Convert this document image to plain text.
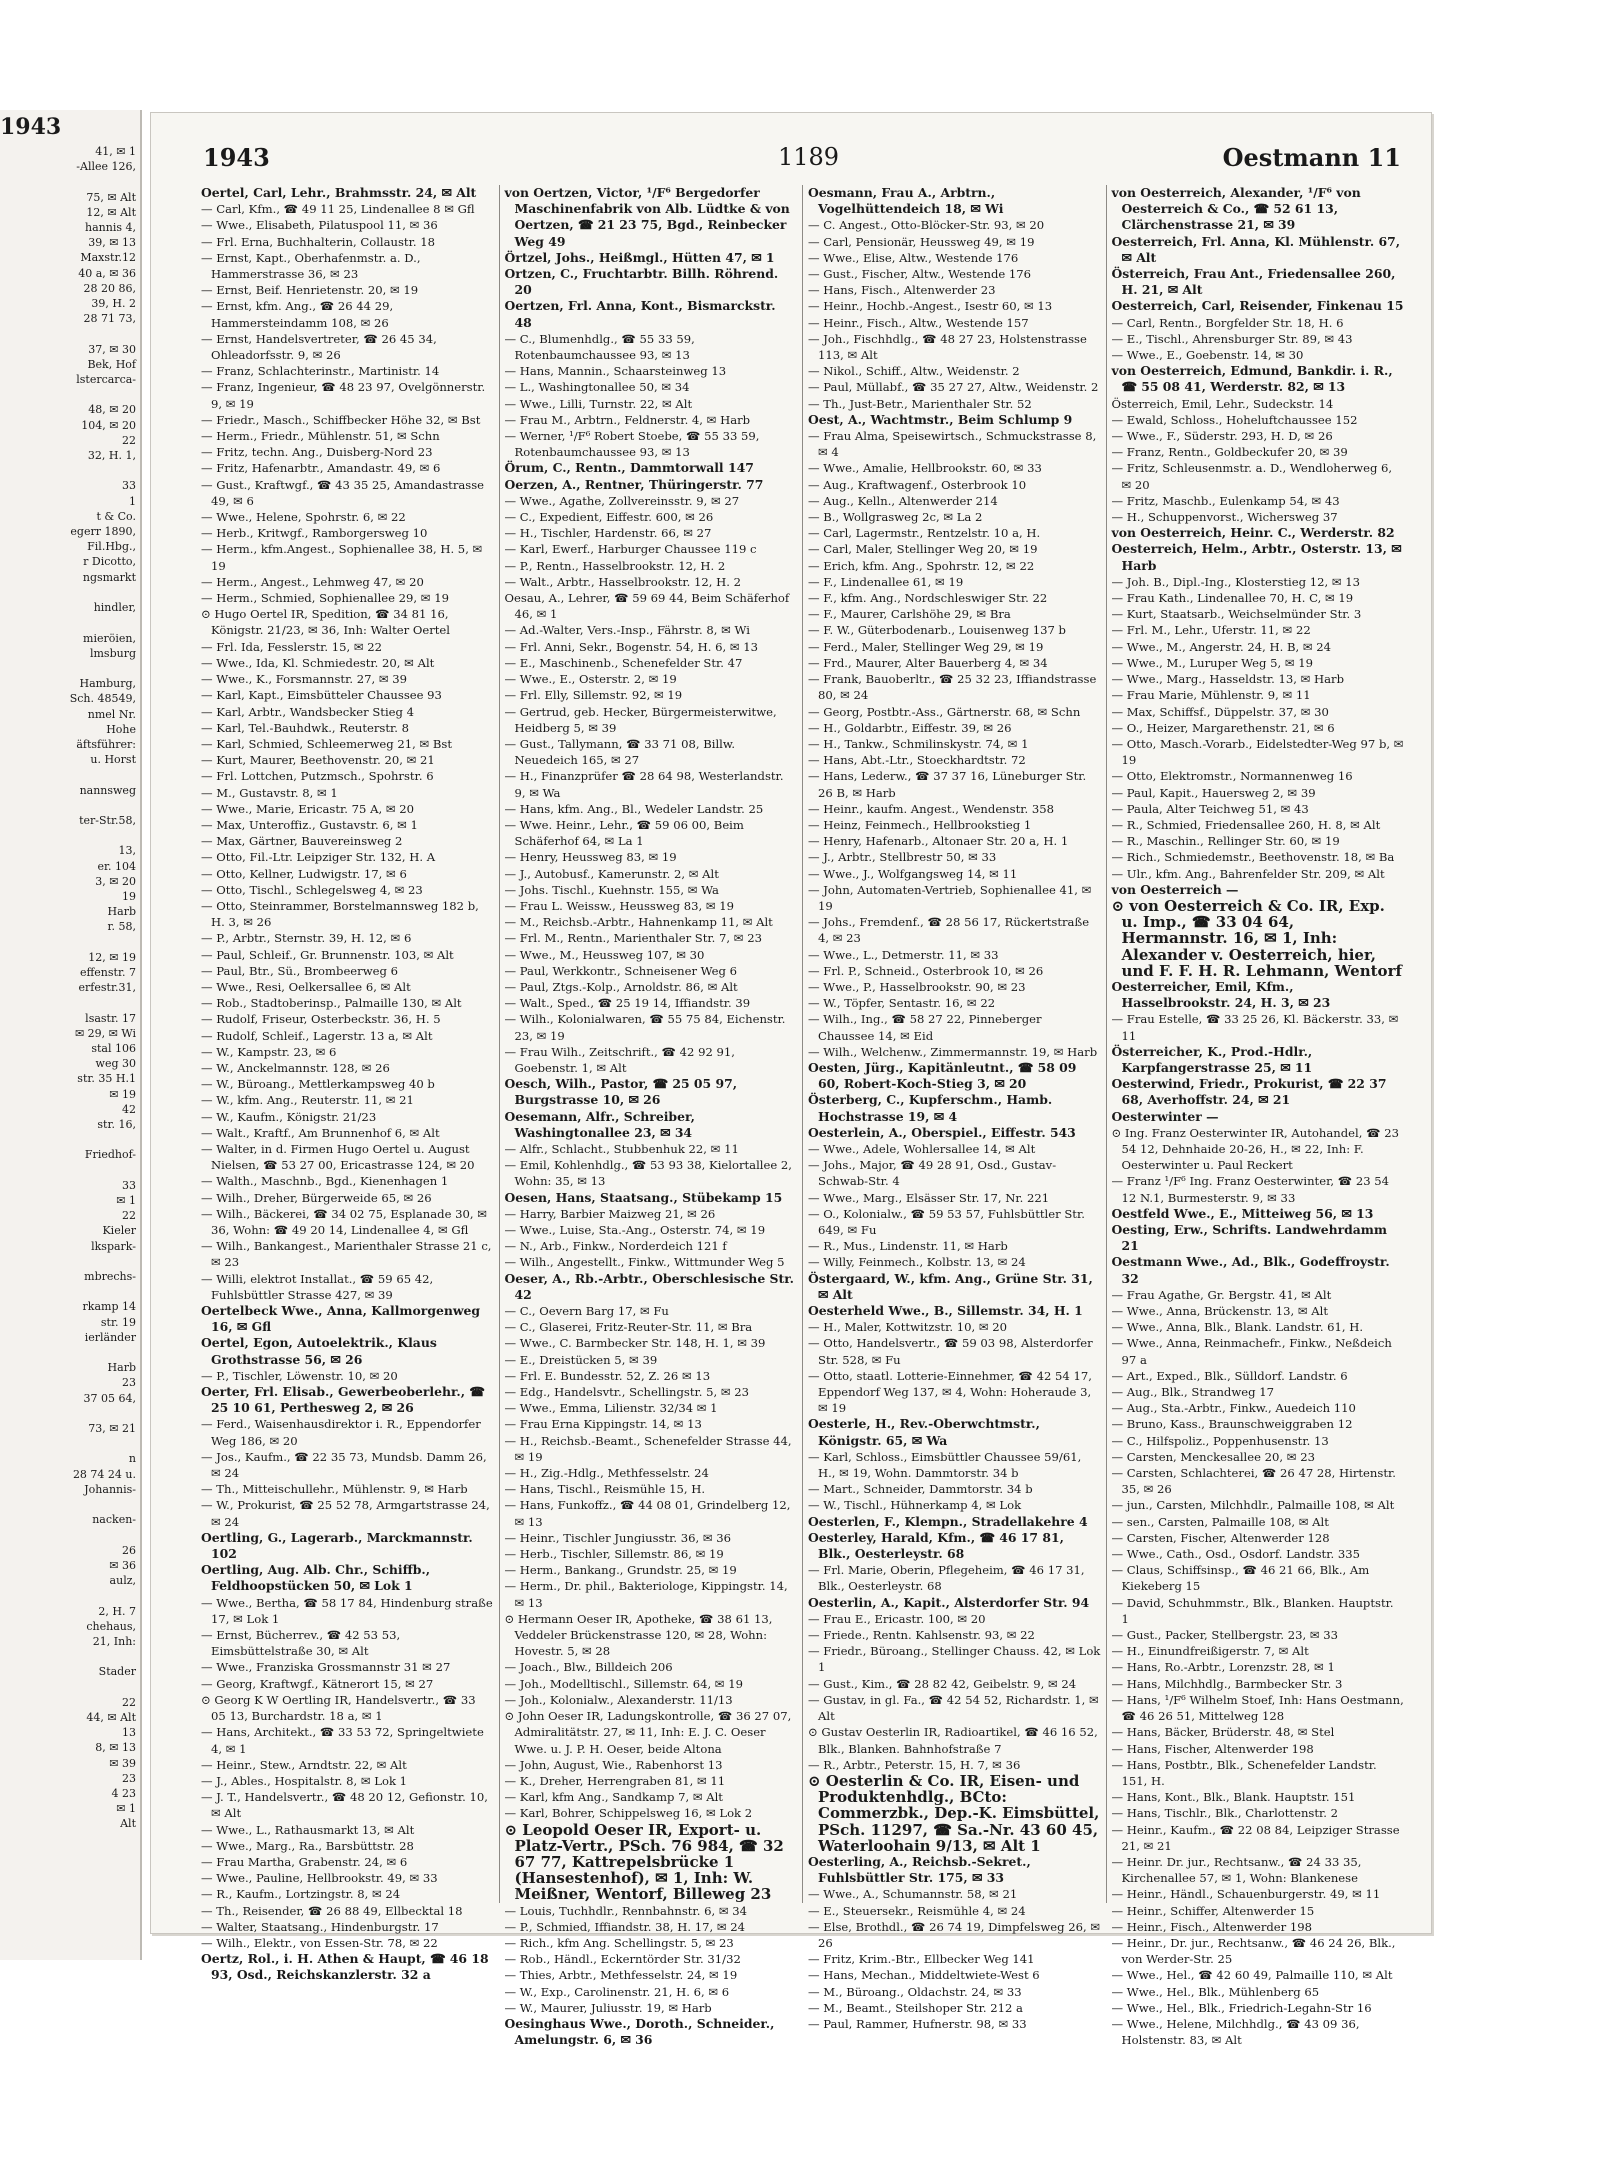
1943
41, ✉ 1
-Allee 126,

75, ✉ Alt
12, ✉ Alt
hannis 4,
39, ✉ 13
Maxstr.12
40 a, ✉ 36
28 20 86,
39, H. 2
28 71 73,

37, ✉ 30
Bek, Hof
lstercarca-

48, ✉ 20
104, ✉ 20
22
32, H. 1,

33
1
t & Co.
egerr 1890,
Fil.Hbg.,
r Dicotto,
ngsmarkt

hindler,

mieröien,
lmsburg

Hamburg,
Sch. 48549,
nmel Nr.
Hohe
äftsführer:
u. Horst

nannsweg

ter-Str.58,

13,
er. 104
3, ✉ 20
19
Harb
r. 58,

12, ✉ 19
effenstr. 7
erfestr.31,

lsastr. 17
✉ 29, ✉ Wi
stal 106
weg 30
str. 35 H.1
✉ 19
42
str. 16,

Friedhof-

33
✉ 1
22
Kieler
lkspark-

mbrechs-

rkamp 14
str. 19
ierländer

Harb
23
37 05 64,

73, ✉ 21

n
28 74 24 u.
Johannis-

nacken-

26
✉ 36
aulz,

2, H. 7
chehaus,
21, Inh:

Stader

22
44, ✉ Alt
13
8, ✉ 13
✉ 39
23
4 23
✉ 1
Alt
1943	1189	Oestmann 11
Oertel, Carl, Lehr., Brahmsstr. 24, ✉ Alt
— Carl, Kfm., ☎ 49 11 25, Lindenallee 8 ✉ Gfl
— Wwe., Elisabeth, Pilatuspool 11, ✉ 36
— Frl. Erna, Buchhalterin, Collaustr. 18
— Ernst, Kapt., Oberhafenmstr. a. D., Hammerstrasse 36, ✉ 23
— Ernst, Beif. Henrietenstr. 20, ✉ 19
— Ernst, kfm. Ang., ☎ 26 44 29, Hammersteindamm 108, ✉ 26
— Ernst, Handelsvertreter, ☎ 26 45 34, Ohleadorfsstr. 9, ✉ 26
— Franz, Schlachterinstr., Martinistr. 14
— Franz, Ingenieur, ☎ 48 23 97, Ovelgönnerstr. 9, ✉ 19
— Friedr., Masch., Schiffbecker Höhe 32, ✉ Bst
— Herm., Friedr., Mühlenstr. 51, ✉ Schn
— Fritz, techn. Ang., Duisberg-Nord 23
— Fritz, Hafenarbtr., Amandastr. 49, ✉ 6
— Gust., Kraftwgf., ☎ 43 35 25, Amandastrasse 49, ✉ 6
— Wwe., Helene, Spohrstr. 6, ✉ 22
— Herb., Kritwgf., Ramborgersweg 10
— Herm., kfm.Angest., Sophienallee 38, H. 5, ✉ 19
— Herm., Angest., Lehmweg 47, ✉ 20
— Herm., Schmied, Sophienallee 29, ✉ 19
⊙ Hugo Oertel IR, Spedition, ☎ 34 81 16, Königstr. 21/23, ✉ 36, Inh: Walter Oertel
— Frl. Ida, Fesslerstr. 15, ✉ 22
— Wwe., Ida, Kl. Schmiedestr. 20, ✉ Alt
— Wwe., K., Forsmannstr. 27, ✉ 39
— Karl, Kapt., Eimsbütteler Chaussee 93
— Karl, Arbtr., Wandsbecker Stieg 4
— Karl, Tel.-Bauhdwk., Reuterstr. 8
— Karl, Schmied, Schleemerweg 21, ✉ Bst
— Kurt, Maurer, Beethovenstr. 20, ✉ 21
— Frl. Lottchen, Putzmsch., Spohrstr. 6
— M., Gustavstr. 8, ✉ 1
— Wwe., Marie, Ericastr. 75 A, ✉ 20
— Max, Unteroffiz., Gustavstr. 6, ✉ 1
— Max, Gärtner, Bauvereinsweg 2
— Otto, Fil.-Ltr. Leipziger Str. 132, H. A
— Otto, Kellner, Ludwigstr. 17, ✉ 6
— Otto, Tischl., Schlegelsweg 4, ✉ 23
— Otto, Steinrammer, Borstelmannsweg 182 b, H. 3, ✉ 26
— P., Arbtr., Sternstr. 39, H. 12, ✉ 6
— Paul, Schleif., Gr. Brunnenstr. 103, ✉ Alt
— Paul, Btr., Sü., Brombeerweg 6
— Wwe., Resi, Oelkersallee 6, ✉ Alt
— Rob., Stadtoberinsp., Palmaille 130, ✉ Alt
— Rudolf, Friseur, Osterbeckstr. 36, H. 5
— Rudolf, Schleif., Lagerstr. 13 a, ✉ Alt
— W., Kampstr. 23, ✉ 6
— W., Anckelmannstr. 128, ✉ 26
— W., Büroang., Mettlerkampsweg 40 b
— W., kfm. Ang., Reuterstr. 11, ✉ 21
— W., Kaufm., Königstr. 21/23
— Walt., Kraftf., Am Brunnenhof 6, ✉ Alt
— Walter, in d. Firmen Hugo Oertel u. August Nielsen, ☎ 53 27 00, Ericastrasse 124, ✉ 20
— Walth., Maschnb., Bgd., Kienenhagen 1
— Wilh., Dreher, Bürgerweide 65, ✉ 26
— Wilh., Bäckerei, ☎ 34 02 75, Esplanade 30, ✉ 36, Wohn: ☎ 49 20 14, Lindenallee 4, ✉ Gfl
— Wilh., Bankangest., Marienthaler Strasse 21 c, ✉ 23
— Willi, elektrot Installat., ☎ 59 65 42, Fuhlsbüttler Strasse 427, ✉ 39
Oertelbeck Wwe., Anna, Kallmorgenweg 16, ✉ Gfl
Oertel, Egon, Autoelektrik., Klaus Grothstrasse 56, ✉ 26
— P., Tischler, Löwenstr. 10, ✉ 20
Oerter, Frl. Elisab., Gewerbeoberlehr., ☎ 25 10 61, Perthesweg 2, ✉ 26
— Ferd., Waisenhausdirektor i. R., Eppendorfer Weg 186, ✉ 20
— Jos., Kaufm., ☎ 22 35 73, Mundsb. Damm 26, ✉ 24
— Th., Mitteischullehr., Mühlenstr. 9, ✉ Harb
— W., Prokurist, ☎ 25 52 78, Armgartstrasse 24, ✉ 24
Oertling, G., Lagerarb., Marckmannstr. 102
Oertling, Aug. Alb. Chr., Schiffb., Feldhoopstücken 50, ✉ Lok 1
— Wwe., Bertha, ☎ 58 17 84, Hindenburg straße 17, ✉ Lok 1
— Ernst, Bücherrev., ☎ 42 53 53, Eimsbüttelstraße 30, ✉ Alt
— Wwe., Franziska Grossmannstr 31 ✉ 27
— Georg, Kraftwgf., Kätnerort 15, ✉ 27
⊙ Georg K W Oertling IR, Handelsvertr., ☎ 33 05 13, Burchardstr. 18 a, ✉ 1
— Hans, Architekt., ☎ 33 53 72, Springeltwiete 4, ✉ 1
— Heinr., Stew., Arndtstr. 22, ✉ Alt
— J., Ables., Hospitalstr. 8, ✉ Lok 1
— J. T., Handelsvertr., ☎ 48 20 12, Gefionstr. 10, ✉ Alt
— Wwe., L., Rathausmarkt 13, ✉ Alt
— Wwe., Marg., Ra., Barsbüttstr. 28
— Frau Martha, Grabenstr. 24, ✉ 6
— Wwe., Pauline, Hellbrookstr. 49, ✉ 33
— R., Kaufm., Lortzingstr. 8, ✉ 24
— Th., Reisender, ☎ 26 88 49, Ellbecktal 18
— Walter, Staatsang., Hindenburgstr. 17
— Wilh., Elektr., von Essen-Str. 78, ✉ 22
Oertz, Rol., i. H. Athen & Haupt, ☎ 46 18 93, Osd., Reichskanzlerstr. 32 a
von Oertzen, Victor, ¹/F⁶ Bergedorfer Maschinenfabrik von Alb. Lüdtke & von Oertzen, ☎ 21 23 75, Bgd., Reinbecker Weg 49
Örtzel, Johs., Heißmgl., Hütten 47, ✉ 1
Ortzen, C., Fruchtarbtr. Billh. Röhrend. 20
Oertzen, Frl. Anna, Kont., Bismarckstr. 48
— C., Blumenhdlg., ☎ 55 33 59, Rotenbaumchaussee 93, ✉ 13
— Hans, Mannin., Schaarsteinweg 13
— L., Washingtonallee 50, ✉ 34
— Wwe., Lilli, Turnstr. 22, ✉ Alt
— Frau M., Arbtrn., Feldnerstr. 4, ✉ Harb
— Werner, ¹/F⁶ Robert Stoebe, ☎ 55 33 59, Rotenbaumchaussee 93, ✉ 13
Örum, C., Rentn., Dammtorwall 147
Oerzen, A., Rentner, Thüringerstr. 77
— Wwe., Agathe, Zollvereinsstr. 9, ✉ 27
— C., Expedient, Eiffestr. 600, ✉ 26
— H., Tischler, Hardenstr. 66, ✉ 27
— Karl, Ewerf., Harburger Chaussee 119 c
— P., Rentn., Hasselbrookstr. 12, H. 2
— Walt., Arbtr., Hasselbrookstr. 12, H. 2
Oesau, A., Lehrer, ☎ 59 69 44, Beim Schäferhof 46, ✉ 1
— Ad.-Walter, Vers.-Insp., Fährstr. 8, ✉ Wi
— Frl. Anni, Sekr., Bogenstr. 54, H. 6, ✉ 13
— E., Maschinenb., Schenefelder Str. 47
— Wwe., E., Osterstr. 2, ✉ 19
— Frl. Elly, Sillemstr. 92, ✉ 19
— Gertrud, geb. Hecker, Bürgermeisterwitwe, Heidberg 5, ✉ 39
— Gust., Tallymann, ☎ 33 71 08, Billw. Neuedeich 165, ✉ 27
— H., Finanzprüfer ☎ 28 64 98, Westerlandstr. 9, ✉ Wa
— Hans, kfm. Ang., Bl., Wedeler Landstr. 25
— Wwe. Heinr., Lehr., ☎ 59 06 00, Beim Schäferhof 64, ✉ La 1
— Henry, Heussweg 83, ✉ 19
— J., Autobusf., Kamerunstr. 2, ✉ Alt
— Johs. Tischl., Kuehnstr. 155, ✉ Wa
— Frau L. Weissw., Heussweg 83, ✉ 19
— M., Reichsb.-Arbtr., Hahnenkamp 11, ✉ Alt
— Frl. M., Rentn., Marienthaler Str. 7, ✉ 23
— Wwe., M., Heussweg 107, ✉ 30
— Paul, Werkkontr., Schneisener Weg 6
— Paul, Ztgs.-Kolp., Arnoldstr. 86, ✉ Alt
— Walt., Sped., ☎ 25 19 14, Iffiandstr. 39
— Wilh., Kolonialwaren, ☎ 55 75 84, Eichenstr. 23, ✉ 19
— Frau Wilh., Zeitschrift., ☎ 42 92 91, Goebenstr. 1, ✉ Alt
Oesch, Wilh., Pastor, ☎ 25 05 97, Burgstrasse 10, ✉ 26
Oesemann, Alfr., Schreiber, Washingtonallee 23, ✉ 34
— Alfr., Schlacht., Stubbenhuk 22, ✉ 11
— Emil, Kohlenhdlg., ☎ 53 93 38, Kielortallee 2, Wohn: 35, ✉ 13
Oesen, Hans, Staatsang., Stübekamp 15
— Harry, Barbier Maizweg 21, ✉ 26
— Wwe., Luise, Sta.-Ang., Osterstr. 74, ✉ 19
— N., Arb., Finkw., Norderdeich 121 f
— Wilh., Angestellt., Finkw., Wittmunder Weg 5
Oeser, A., Rb.-Arbtr., Oberschlesische Str. 42
— C., Oevern Barg 17, ✉ Fu
— C., Glaserei, Fritz-Reuter-Str. 11, ✉ Bra
— Wwe., C. Barmbecker Str. 148, H. 1, ✉ 39
— E., Dreistücken 5, ✉ 39
— Frl. E. Bundesstr. 52, Z. 26 ✉ 13
— Edg., Handelsvtr., Schellingstr. 5, ✉ 23
— Wwe., Emma, Lilienstr. 32/34 ✉ 1
— Frau Erna Kippingstr. 14, ✉ 13
— H., Reichsb.-Beamt., Schenefelder Strasse 44, ✉ 19
— H., Zig.-Hdlg., Methfesselstr. 24
— Hans, Tischl., Reismühle 15, H.
— Hans, Funkoffz., ☎ 44 08 01, Grindelberg 12, ✉ 13
— Heinr., Tischler Jungiusstr. 36, ✉ 36
— Herb., Tischler, Sillemstr. 86, ✉ 19
— Herm., Bankang., Grundstr. 25, ✉ 19
— Herm., Dr. phil., Bakteriologe, Kippingstr. 14, ✉ 13
⊙ Hermann Oeser IR, Apotheke, ☎ 38 61 13, Veddeler Brückenstrasse 120, ✉ 28, Wohn: Hovestr. 5, ✉ 28
— Joach., Blw., Billdeich 206
— Joh., Modelltischl., Sillemstr. 64, ✉ 19
— Joh., Kolonialw., Alexanderstr. 11/13
⊙ John Oeser IR, Ladungskontrolle, ☎ 36 27 07, Admiralitätstr. 27, ✉ 11, Inh: E. J. C. Oeser Wwe. u. J. P. H. Oeser, beide Altona
— John, August, Wie., Rabenhorst 13
— K., Dreher, Herrengraben 81, ✉ 11
— Karl, kfm Ang., Sandkamp 7, ✉ Alt
— Karl, Bohrer, Schippelsweg 16, ✉ Lok 2
⊙ Leopold Oeser IR, Export- u. Platz-Vertr., PSch. 76 984, ☎ 32 67 77, Kattrepelsbrücke 1 (Hansestenhof), ✉ 1, Inh: W. Meißner, Wentorf, Billeweg 23
— Louis, Tuchhdlr., Rennbahnstr. 6, ✉ 34
— P., Schmied, Iffiandstr. 38, H. 17, ✉ 24
— Rich., kfm Ang. Schellingstr. 5, ✉ 23
— Rob., Händl., Eckerntörder Str. 31/32
— Thies, Arbtr., Methfesselstr. 24, ✉ 19
— W., Exp., Carolinenstr. 21, H. 6, ✉ 6
— W., Maurer, Juliusstr. 19, ✉ Harb
Oesinghaus Wwe., Doroth., Schneider., Amelungstr. 6, ✉ 36
Oesmann, Frau A., Arbtrn., Vogelhüttendeich 18, ✉ Wi
— C. Angest., Otto-Blöcker-Str. 93, ✉ 20
— Carl, Pensionär, Heussweg 49, ✉ 19
— Wwe., Elise, Altw., Westende 176
— Gust., Fischer, Altw., Westende 176
— Hans, Fisch., Altenwerder 23
— Heinr., Hochb.-Angest., Isestr 60, ✉ 13
— Heinr., Fisch., Altw., Westende 157
— Joh., Fischhdlg., ☎ 48 27 23, Holstenstrasse 113, ✉ Alt
— Nikol., Schiff., Altw., Weidenstr. 2
— Paul, Müllabf., ☎ 35 27 27, Altw., Weidenstr. 2
— Th., Just-Betr., Marienthaler Str. 52
Oest, A., Wachtmstr., Beim Schlump 9
— Frau Alma, Speisewirtsch., Schmuckstrasse 8, ✉ 4
— Wwe., Amalie, Hellbrookstr. 60, ✉ 33
— Aug., Kraftwagenf., Osterbrook 10
— Aug., Kelln., Altenwerder 214
— B., Wollgrasweg 2c, ✉ La 2
— Carl, Lagermstr., Rentzelstr. 10 a, H.
— Carl, Maler, Stellinger Weg 20, ✉ 19
— Erich, kfm. Ang., Spohrstr. 12, ✉ 22
— F., Lindenallee 61, ✉ 19
— F., kfm. Ang., Nordschleswiger Str. 22
— F., Maurer, Carlshöhe 29, ✉ Bra
— F. W., Güterbodenarb., Louisenweg 137 b
— Ferd., Maler, Stellinger Weg 29, ✉ 19
— Frd., Maurer, Alter Bauerberg 4, ✉ 34
— Frank, Bauoberltr., ☎ 25 32 23, Iffiandstrasse 80, ✉ 24
— Georg, Postbtr.-Ass., Gärtnerstr. 68, ✉ Schn
— H., Goldarbtr., Eiffestr. 39, ✉ 26
— H., Tankw., Schmilinskystr. 74, ✉ 1
— Hans, Abt.-Ltr., Stoeckhardtstr. 72
— Hans, Lederw., ☎ 37 37 16, Lüneburger Str. 26 B, ✉ Harb
— Heinr., kaufm. Angest., Wendenstr. 358
— Heinz, Feinmech., Hellbrookstieg 1
— Henry, Hafenarb., Altonaer Str. 20 a, H. 1
— J., Arbtr., Stellbrestr 50, ✉ 33
— Wwe., J., Wolfgangsweg 14, ✉ 11
— John, Automaten-Vertrieb, Sophienallee 41, ✉ 19
— Johs., Fremdenf., ☎ 28 56 17, Rückertstraße 4, ✉ 23
— Wwe., L., Detmerstr. 11, ✉ 33
— Frl. P., Schneid., Osterbrook 10, ✉ 26
— Wwe., P., Hasselbrookstr. 90, ✉ 23
— W., Töpfer, Sentastr. 16, ✉ 22
— Wilh., Ing., ☎ 58 27 22, Pinneberger Chaussee 14, ✉ Eid
— Wilh., Welchenw., Zimmermannstr. 19, ✉ Harb
Oesten, Jürg., Kapitänleutnt., ☎ 58 09 60, Robert-Koch-Stieg 3, ✉ 20
Österberg, C., Kupferschm., Hamb. Hochstrasse 19, ✉ 4
Oesterlein, A., Oberspiel., Eiffestr. 543
— Wwe., Adele, Wohlersallee 14, ✉ Alt
— Johs., Major, ☎ 49 28 91, Osd., Gustav-Schwab-Str. 4
— Wwe., Marg., Elsässer Str. 17, Nr. 221
— O., Kolonialw., ☎ 59 53 57, Fuhlsbüttler Str. 649, ✉ Fu
— R., Mus., Lindenstr. 11, ✉ Harb
— Willy, Feinmech., Kolbstr. 13, ✉ 24
Östergaard, W., kfm. Ang., Grüne Str. 31, ✉ Alt
Oesterheld Wwe., B., Sillemstr. 34, H. 1
— H., Maler, Kottwitzstr. 10, ✉ 20
— Otto, Handelsvertr., ☎ 59 03 98, Alsterdorfer Str. 528, ✉ Fu
— Otto, staatl. Lotterie-Einnehmer, ☎ 42 54 17, Eppendorf Weg 137, ✉ 4, Wohn: Hoheraude 3, ✉ 19
Oesterle, H., Rev.-Oberwchtmstr., Königstr. 65, ✉ Wa
— Karl, Schloss., Eimsbüttler Chaussee 59/61, H., ✉ 19, Wohn. Dammtorstr. 34 b
— Mart., Schneider, Dammtorstr. 34 b
— W., Tischl., Hühnerkamp 4, ✉ Lok
Oesterlen, F., Klempn., Stradellakehre 4
Oesterley, Harald, Kfm., ☎ 46 17 81, Blk., Oesterleystr. 68
— Frl. Marie, Oberin, Pflegeheim, ☎ 46 17 31, Blk., Oesterleystr. 68
Oesterlin, A., Kapit., Alsterdorfer Str. 94
— Frau E., Ericastr. 100, ✉ 20
— Friede., Rentn. Kahlsenstr. 93, ✉ 22
— Friedr., Büroang., Stellinger Chauss. 42, ✉ Lok 1
— Gust., Kim., ☎ 28 82 42, Geibelstr. 9, ✉ 24
— Gustav, in gl. Fa., ☎ 42 54 52, Richardstr. 1, ✉ Alt
⊙ Gustav Oesterlin IR, Radioartikel, ☎ 46 16 52, Blk., Blanken. Bahnhofstraße 7
— R., Arbtr., Peterstr. 15, H. 7, ✉ 36
⊙ Oesterlin & Co. IR, Eisen- und Produktenhdlg., BCto: Commerzbk., Dep.-K. Eimsbüttel, PSch. 11297, ☎ Sa.-Nr. 43 60 45, Waterloohain 9/13, ✉ Alt 1
Oesterling, A., Reichsb.-Sekret., Fuhlsbüttler Str. 175, ✉ 33
— Wwe., A., Schumannstr. 58, ✉ 21
— E., Steuersekr., Reismühle 4, ✉ 24
— Else, Brothdl., ☎ 26 74 19, Dimpfelsweg 26, ✉ 26
— Fritz, Krim.-Btr., Ellbecker Weg 141
— Hans, Mechan., Middeltwiete-West 6
— M., Büroang., Oldachstr. 24, ✉ 33
— M., Beamt., Steilshoper Str. 212 a
— Paul, Rammer, Hufnerstr. 98, ✉ 33
von Oesterreich, Alexander, ¹/F⁶ von Oesterreich & Co., ☎ 52 61 13, Clärchenstrasse 21, ✉ 39
Oesterreich, Frl. Anna, Kl. Mühlenstr. 67, ✉ Alt
Österreich, Frau Ant., Friedensallee 260, H. 21, ✉ Alt
Oesterreich, Carl, Reisender, Finkenau 15
— Carl, Rentn., Borgfelder Str. 18, H. 6
— E., Tischl., Ahrensburger Str. 89, ✉ 43
— Wwe., E., Goebenstr. 14, ✉ 30
von Oesterreich, Edmund, Bankdir. i. R., ☎ 55 08 41, Werderstr. 82, ✉ 13
Österreich, Emil, Lehr., Sudeckstr. 14
— Ewald, Schloss., Hoheluftchaussee 152
— Wwe., F., Süderstr. 293, H. D, ✉ 26
— Franz, Rentn., Goldbeckufer 20, ✉ 39
— Fritz, Schleusenmstr. a. D., Wendloherweg 6, ✉ 20
— Fritz, Maschb., Eulenkamp 54, ✉ 43
— H., Schuppenvorst., Wichersweg 37
von Oesterreich, Heinr. C., Werderstr. 82
Oesterreich, Helm., Arbtr., Osterstr. 13, ✉ Harb
— Joh. B., Dipl.-Ing., Klosterstieg 12, ✉ 13
— Frau Kath., Lindenallee 70, H. C, ✉ 19
— Kurt, Staatsarb., Weichselmünder Str. 3
— Frl. M., Lehr., Uferstr. 11, ✉ 22
— Wwe., M., Angerstr. 24, H. B, ✉ 24
— Wwe., M., Luruper Weg 5, ✉ 19
— Wwe., Marg., Hasseldstr. 13, ✉ Harb
— Frau Marie, Mühlenstr. 9, ✉ 11
— Max, Schiffsf., Düppelstr. 37, ✉ 30
— O., Heizer, Margarethenstr. 21, ✉ 6
— Otto, Masch.-Vorarb., Eidelstedter-Weg 97 b, ✉ 19
— Otto, Elektromstr., Normannenweg 16
— Paul, Kapit., Hauersweg 2, ✉ 39
— Paula, Alter Teichweg 51, ✉ 43
— R., Schmied, Friedensallee 260, H. 8, ✉ Alt
— R., Maschin., Rellinger Str. 60, ✉ 19
— Rich., Schmiedemstr., Beethovenstr. 18, ✉ Ba
— Ulr., kfm. Ang., Bahrenfelder Str. 209, ✉ Alt
von Oesterreich —
⊙ von Oesterreich & Co. IR, Exp. u. Imp., ☎ 33 04 64, Hermannstr. 16, ✉ 1, Inh: Alexander v. Oesterreich, hier, und F. F. H. R. Lehmann, Wentorf
Oesterreicher, Emil, Kfm., Hasselbrookstr. 24, H. 3, ✉ 23
— Frau Estelle, ☎ 33 25 26, Kl. Bäckerstr. 33, ✉ 11
Österreicher, K., Prod.-Hdlr., Karpfangerstrasse 25, ✉ 11
Oesterwind, Friedr., Prokurist, ☎ 22 37 68, Averhoffstr. 24, ✉ 21
Oesterwinter —
⊙ Ing. Franz Oesterwinter IR, Autohandel, ☎ 23 54 12, Dehnhaide 20-26, H., ✉ 22, Inh: F. Oesterwinter u. Paul Reckert
— Franz ¹/F⁶ Ing. Franz Oesterwinter, ☎ 23 54 12 N.1, Burmesterstr. 9, ✉ 33
Oestfeld Wwe., E., Mitteiweg 56, ✉ 13
Oesting, Erw., Schrifts. Landwehrdamm 21
Oestmann Wwe., Ad., Blk., Godeffroystr. 32
— Frau Agathe, Gr. Bergstr. 41, ✉ Alt
— Wwe., Anna, Brückenstr. 13, ✉ Alt
— Wwe., Anna, Blk., Blank. Landstr. 61, H.
— Wwe., Anna, Reinmachefr., Finkw., Neßdeich 97 a
— Art., Exped., Blk., Sülldorf. Landstr. 6
— Aug., Blk., Strandweg 17
— Aug., Sta.-Arbtr., Finkw., Auedeich 110
— Bruno, Kass., Braunschweiggraben 12
— C., Hilfspoliz., Poppenhusenstr. 13
— Carsten, Menckesallee 20, ✉ 23
— Carsten, Schlachterei, ☎ 26 47 28, Hirtenstr. 35, ✉ 26
— jun., Carsten, Milchhdlr., Palmaille 108, ✉ Alt
— sen., Carsten, Palmaille 108, ✉ Alt
— Carsten, Fischer, Altenwerder 128
— Wwe., Cath., Osd., Osdorf. Landstr. 335
— Claus, Schiffsinsp., ☎ 46 21 66, Blk., Am Kiekeberg 15
— David, Schuhmmstr., Blk., Blanken. Hauptstr. 1
— Gust., Packer, Stellbergstr. 23, ✉ 33
— H., Einundfreißigerstr. 7, ✉ Alt
— Hans, Ro.-Arbtr., Lorenzstr. 28, ✉ 1
— Hans, Milchhdlg., Barmbecker Str. 3
— Hans, ¹/F⁶ Wilhelm Stoef, Inh: Hans Oestmann, ☎ 46 26 51, Mittelweg 128
— Hans, Bäcker, Brüderstr. 48, ✉ Stel
— Hans, Fischer, Altenwerder 198
— Hans, Postbtr., Blk., Schenefelder Landstr. 151, H.
— Hans, Kont., Blk., Blank. Hauptstr. 151
— Hans, Tischlr., Blk., Charlottenstr. 2
— Heinr., Kaufm., ☎ 22 08 84, Leipziger Strasse 21, ✉ 21
— Heinr. Dr. jur., Rechtsanw., ☎ 24 33 35, Kirchenallee 57, ✉ 1, Wohn: Blankenese
— Heinr., Händl., Schauenburgerstr. 49, ✉ 11
— Heinr., Schiffer, Altenwerder 15
— Heinr., Fisch., Altenwerder 198
— Heinr., Dr. jur., Rechtsanw., ☎ 46 24 26, Blk., von Werder-Str. 25
— Wwe., Hel., ☎ 42 60 49, Palmaille 110, ✉ Alt
— Wwe., Hel., Blk., Mühlenberg 65
— Wwe., Hel., Blk., Friedrich-Legahn-Str 16
— Wwe., Helene, Milchhdlg., ☎ 43 09 36, Holstenstr. 83, ✉ Alt
